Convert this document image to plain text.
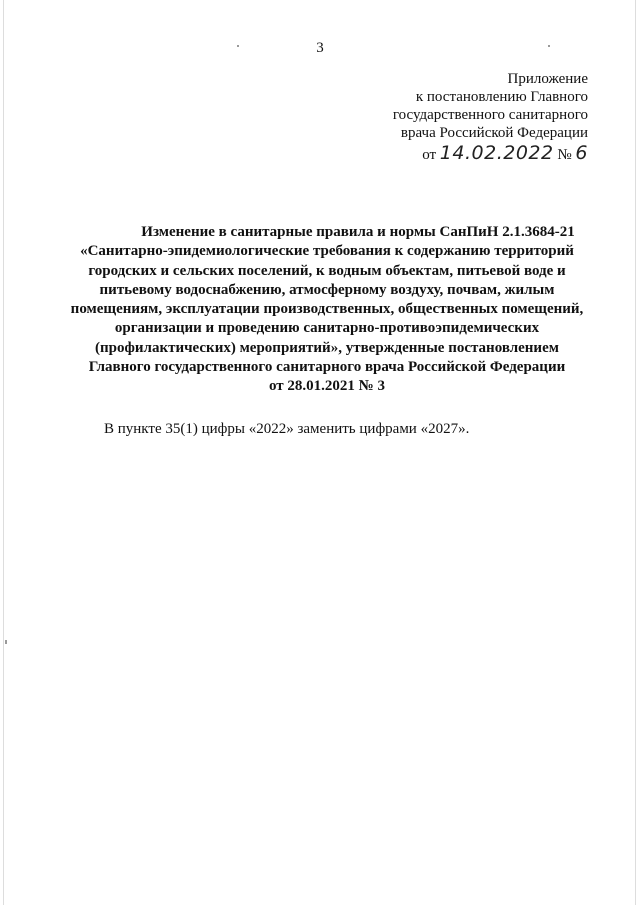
3
Приложение
к постановлению Главного
государственного санитарного
врача Российской Федерации
от 14.02.2022 № 6
Изменение в санитарные правила и нормы СанПиН 2.1.3684-21
«Санитарно-эпидемиологические требования к содержанию территорий
городских и сельских поселений, к водным объектам, питьевой воде и
питьевому водоснабжению, атмосферному воздуху, почвам, жилым
помещениям, эксплуатации производственных, общественных помещений,
организации и проведению санитарно-противоэпидемических
(профилактических) мероприятий», утвержденные постановлением
Главного государственного санитарного врача Российской Федерации
от 28.01.2021 № 3
В пункте 35(1) цифры «2022» заменить цифрами «2027».
